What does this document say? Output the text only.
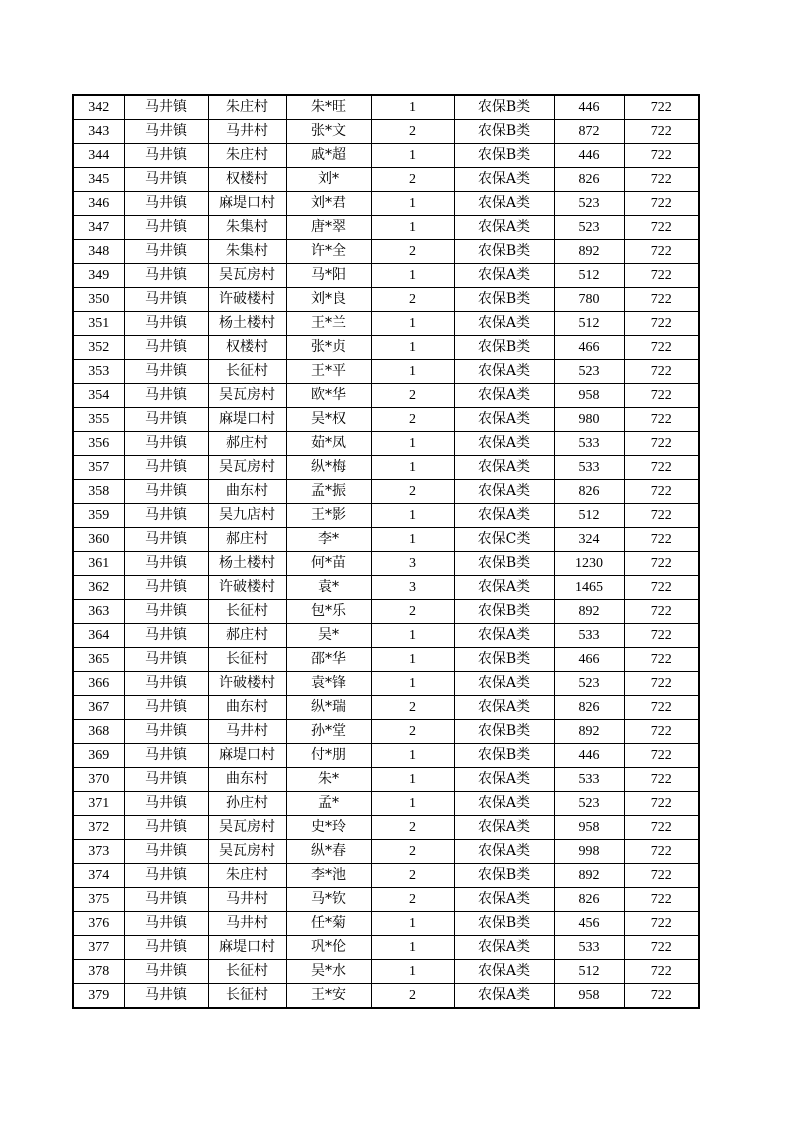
342	马井镇	朱庄村	朱*旺	1	农保B类	446	722
343	马井镇	马井村	张*文	2	农保B类	872	722
344	马井镇	朱庄村	戚*超	1	农保B类	446	722
345	马井镇	权楼村	刘*	2	农保A类	826	722
346	马井镇	麻堤口村	刘*君	1	农保A类	523	722
347	马井镇	朱集村	唐*翠	1	农保A类	523	722
348	马井镇	朱集村	许*全	2	农保B类	892	722
349	马井镇	吴瓦房村	马*阳	1	农保A类	512	722
350	马井镇	许破楼村	刘*良	2	农保B类	780	722
351	马井镇	杨土楼村	王*兰	1	农保A类	512	722
352	马井镇	权楼村	张*贞	1	农保B类	466	722
353	马井镇	长征村	王*平	1	农保A类	523	722
354	马井镇	吴瓦房村	欧*华	2	农保A类	958	722
355	马井镇	麻堤口村	吴*权	2	农保A类	980	722
356	马井镇	郝庄村	茹*凤	1	农保A类	533	722
357	马井镇	吴瓦房村	纵*梅	1	农保A类	533	722
358	马井镇	曲东村	孟*振	2	农保A类	826	722
359	马井镇	吴九店村	王*影	1	农保A类	512	722
360	马井镇	郝庄村	李*	1	农保C类	324	722
361	马井镇	杨土楼村	何*苗	3	农保B类	1230	722
362	马井镇	许破楼村	袁*	3	农保A类	1465	722
363	马井镇	长征村	包*乐	2	农保B类	892	722
364	马井镇	郝庄村	吴*	1	农保A类	533	722
365	马井镇	长征村	邵*华	1	农保B类	466	722
366	马井镇	许破楼村	袁*锋	1	农保A类	523	722
367	马井镇	曲东村	纵*瑞	2	农保A类	826	722
368	马井镇	马井村	孙*堂	2	农保B类	892	722
369	马井镇	麻堤口村	付*朋	1	农保B类	446	722
370	马井镇	曲东村	朱*	1	农保A类	533	722
371	马井镇	孙庄村	孟*	1	农保A类	523	722
372	马井镇	吴瓦房村	史*玲	2	农保A类	958	722
373	马井镇	吴瓦房村	纵*春	2	农保A类	998	722
374	马井镇	朱庄村	李*池	2	农保B类	892	722
375	马井镇	马井村	马*钦	2	农保A类	826	722
376	马井镇	马井村	任*菊	1	农保B类	456	722
377	马井镇	麻堤口村	巩*伦	1	农保A类	533	722
378	马井镇	长征村	吴*水	1	农保A类	512	722
379	马井镇	长征村	王*安	2	农保A类	958	722
